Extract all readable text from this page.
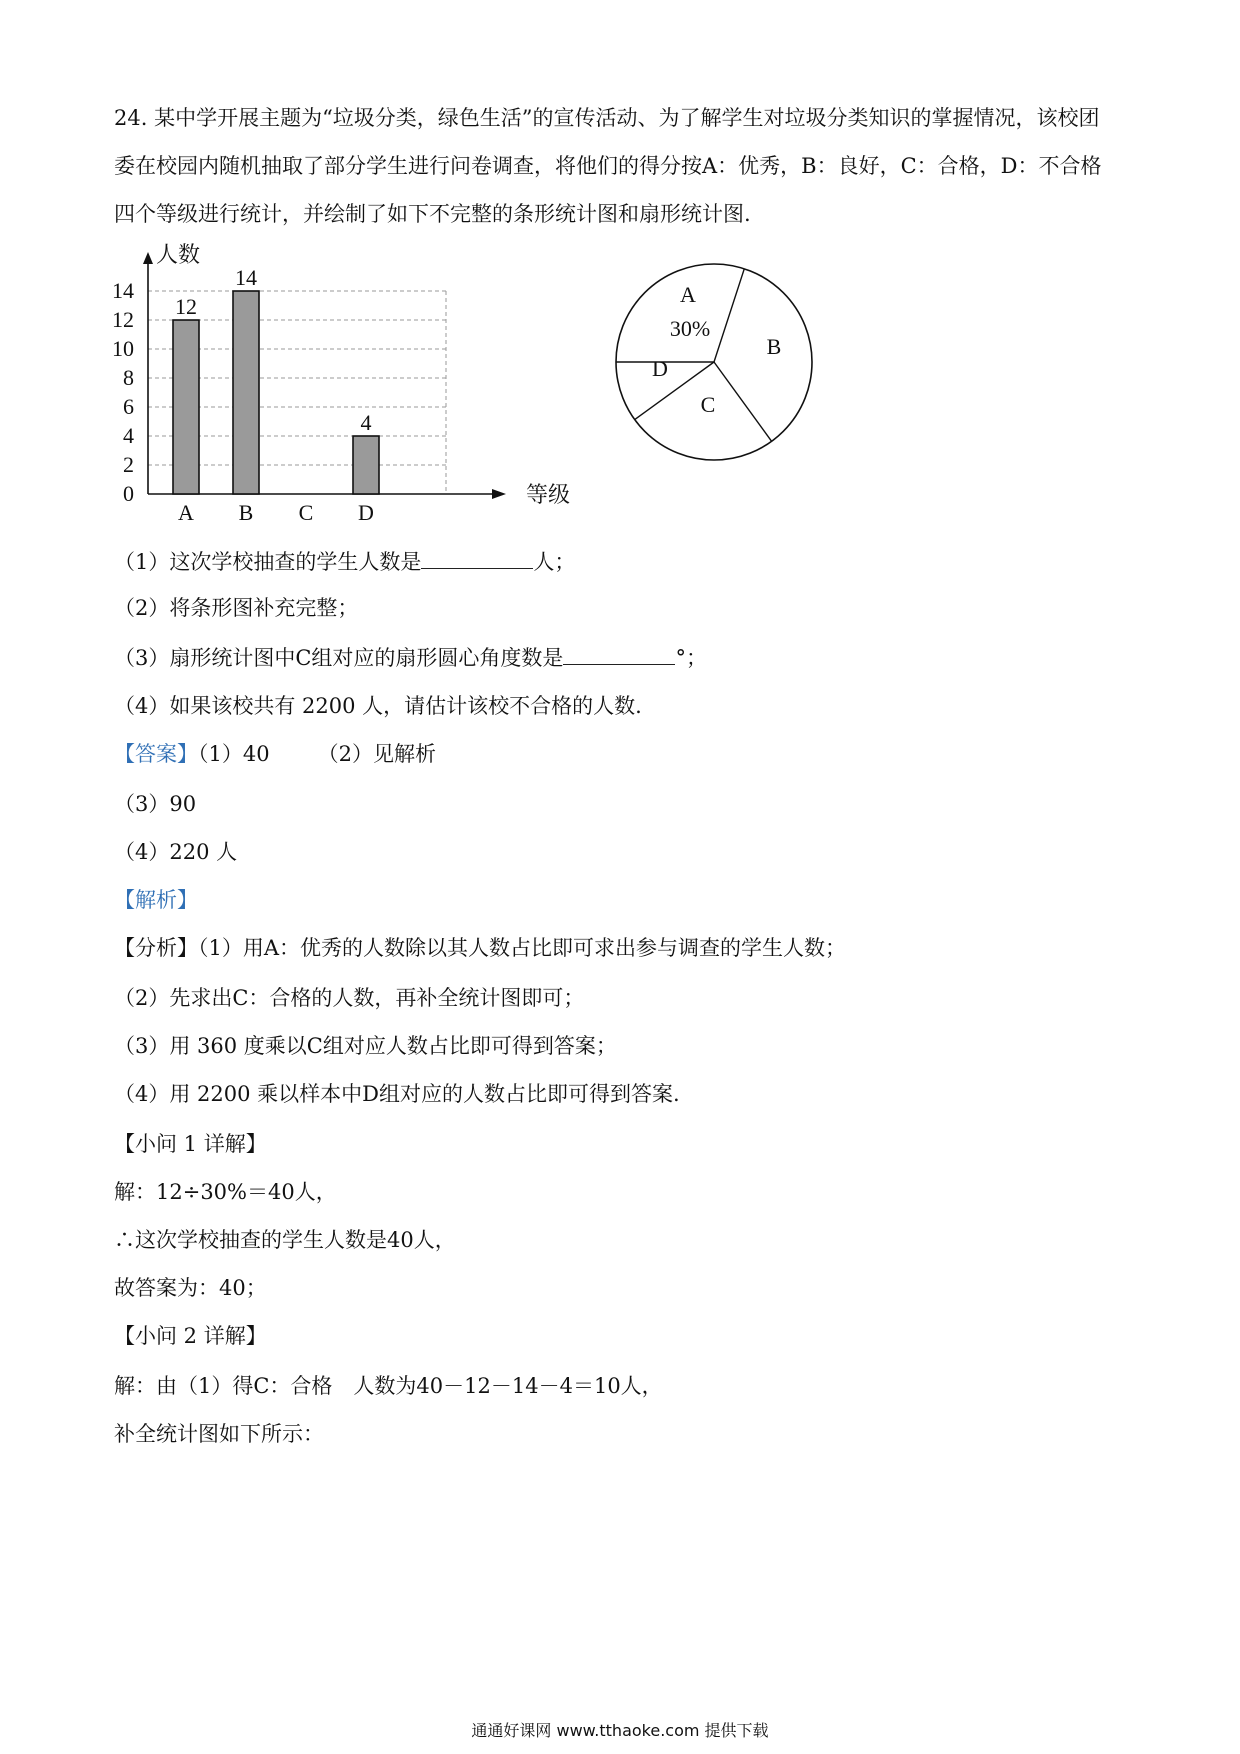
24. 某中学开展主题为“垃圾分类，绿色生活”的宣传活动、为了解学生对垃圾分类知识的掌握情况，该校团
委在校园内随机抽取了部分学生进行问卷调查，将他们的得分按A：优秀，B：良好，C：合格，D：不合格
四个等级进行统计，并绘制了如下不完整的条形统计图和扇形统计图.
0
2
4
6
8
10
12
14
人数
等级
12
A
14
B C
4
D
A
B
C
D
30%
（1）这次学校抽查的学生人数是	人；
（2）将条形图补充完整；
（3）扇形统计图中C组对应的扇形圆心角度数是	°；
（4）如果该校共有 2200 人，请估计该校不合格的人数.
【答案】（1）40 （2）见解析
（3）90
（4）220 人
【解析】
【分析】（1）用A：优秀的人数除以其人数占比即可求出参与调查的学生人数；
（2）先求出C：合格的人数，再补全统计图即可；
（3）用 360 度乘以C组对应人数占比即可得到答案；
（4）用 2200 乘以样本中D组对应的人数占比即可得到答案.
【小问 1 详解】
解：12÷30%＝40人，
∴这次学校抽查的学生人数是40人，
故答案为：40；
【小问 2 详解】
解：由（1）得C：合格　人数为40－12－14－4＝10人，
补全统计图如下所示：
通通好课网 www.tthaoke.com 提供下载
